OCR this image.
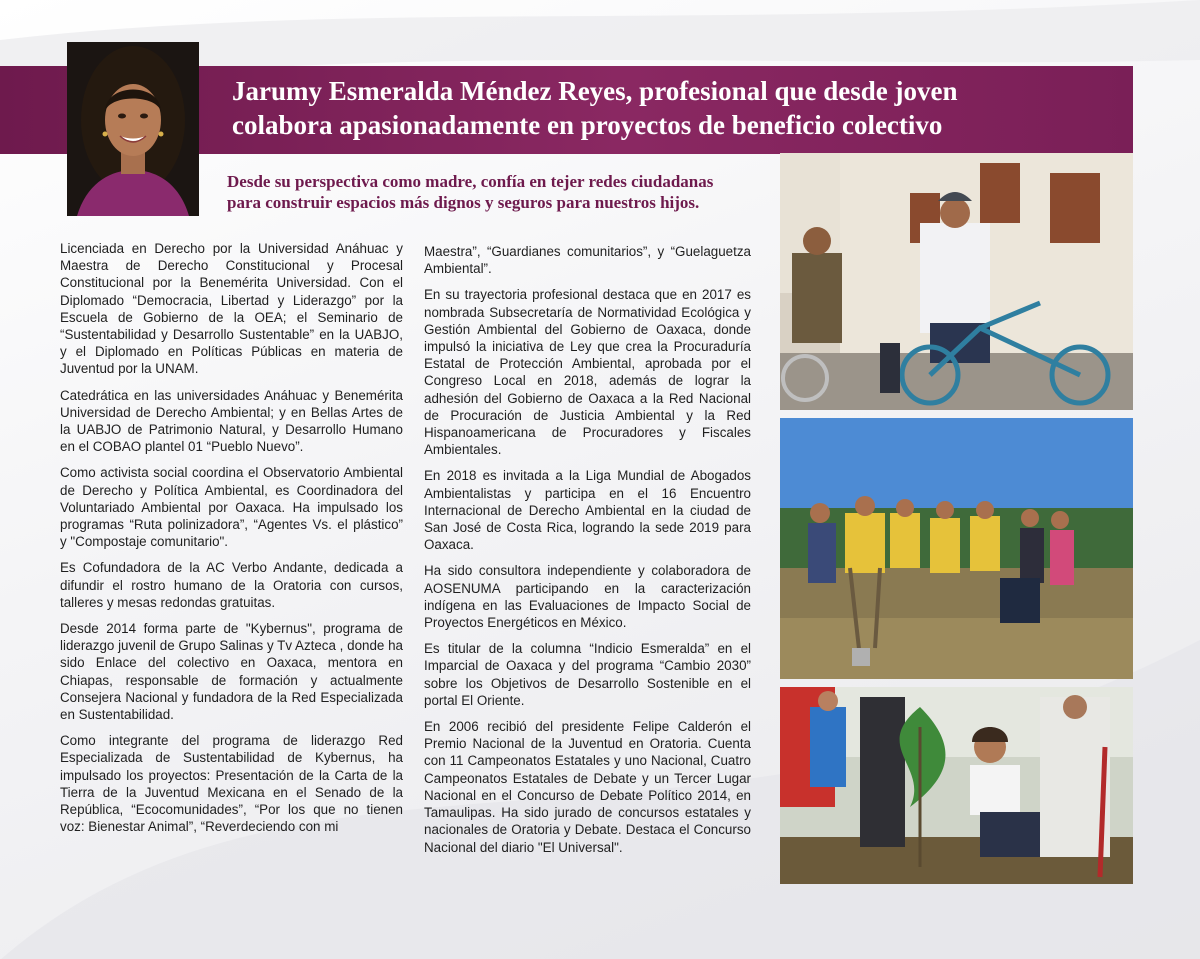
Jarumy Esmeralda Méndez Reyes, profesional que desde joven
colabora apasionadamente en proyectos de beneficio colectivo
Desde su perspectiva como madre, confía en tejer redes ciudadanas
para construir espacios más dignos y seguros para nuestros hijos.

Licenciada en Derecho por la Universidad Anáhuac y Maestra de Derecho Constitucional y Procesal Constitucional por la Benemérita Universidad. Con el Diplomado “Democracia, Libertad y Liderazgo” por la Escuela de Gobierno de la OEA; el Seminario de “Sustentabilidad y Desarrollo Sustentable” en la UABJO, y el Diplomado en Políticas Públicas en materia de Juventud por la UNAM.

Catedrática en las universidades Anáhuac y Benemérita Universidad de Derecho Ambiental; y en Bellas Artes de la UABJO de Patrimonio Natural, y Desarrollo Humano en el COBAO plantel 01 “Pueblo Nuevo”.

Como activista social coordina el Observatorio Ambiental de Derecho y Política Ambiental, es Coordinadora del Voluntariado Ambiental por Oaxaca. Ha impulsado los programas “Ruta polinizadora”, “Agentes Vs. el plástico” y "Compostaje comunitario".

Es Cofundadora de la AC Verbo Andante, dedicada a difundir el rostro humano de la Oratoria con cursos, talleres y mesas redondas gratuitas.

Desde 2014 forma parte de "Kybernus", programa de liderazgo juvenil de Grupo Salinas y Tv Azteca , donde ha sido Enlace del colectivo en Oaxaca, mentora en Chiapas, responsable de formación y actualmente Consejera Nacional y fundadora de la Red Especializada en Sustentabilidad.

Como integrante del programa de liderazgo Red Especializada de Sustentabilidad de Kybernus, ha impulsado los proyectos: Presentación de la Carta de la Tierra de la Juventud Mexicana en el Senado de la República, “Ecocomunidades”, “Por los que no tienen voz: Bienestar Animal”, “Reverdeciendo con mi

Maestra”, “Guardianes comunitarios”, y “Guelaguetza Ambiental”.

En su trayectoria profesional destaca que en 2017 es nombrada Subsecretaría de Normatividad Ecológica y Gestión Ambiental del Gobierno de Oaxaca, donde impulsó la iniciativa de Ley que crea la Procuraduría Estatal de Protección Ambiental, aprobada por el Congreso Local en 2018, además de lograr la adhesión del Gobierno de Oaxaca a la Red Nacional de Procuración de Justicia Ambiental y la Red Hispanoamericana de Procuradores y Fiscales Ambientales.

En 2018 es invitada a la Liga Mundial de Abogados Ambientalistas y participa en el 16 Encuentro Internacional de Derecho Ambiental en la ciudad de San José de Costa Rica, logrando la sede 2019 para Oaxaca.

Ha sido consultora independiente y colaboradora de AOSENUMA participando en la caracterización indígena en las Evaluaciones de Impacto Social de Proyectos Energéticos en México.

Es titular de la columna “Indicio Esmeralda” en el Imparcial de Oaxaca y del programa “Cambio 2030” sobre los Objetivos de Desarrollo Sostenible en el portal El Oriente.

En 2006 recibió del presidente Felipe Calderón el Premio Nacional de la Juventud en Oratoria. Cuenta con 11 Campeonatos Estatales y uno Nacional, Cuatro Campeonatos Estatales de Debate y un Tercer Lugar Nacional en el Concurso de Debate Político 2014, en Tamaulipas. Ha sido jurado de concursos estatales y nacionales de Oratoria y Debate. Destaca el Concurso Nacional del diario "El Universal".
